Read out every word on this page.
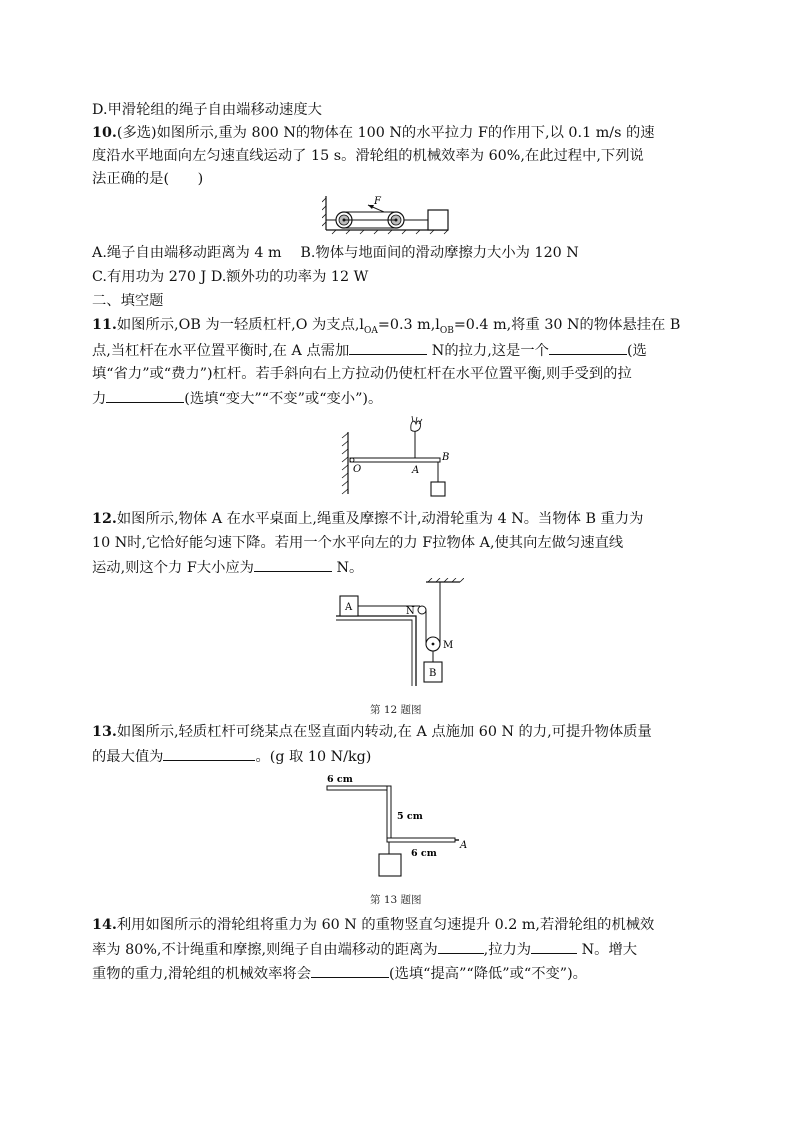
D.甲滑轮组的绳子自由端移动速度大
10.(多选)如图所示,重为 800 N的物体在 100 N的水平拉力 F的作用下,以 0.1 m/s 的速
度沿水平地面向左匀速直线运动了 15 s。滑轮组的机械效率为 60%,在此过程中,下列说
法正确的是(　　)
F
A.绳子自由端移动距离为 4 m　 B.物体与地面间的滑动摩擦力大小为 120 N
C.有用功为 270 J D.额外功的功率为 12 W
二、填空题
11.如图所示,OB 为一轻质杠杆,O 为支点$,l_{OA}=0.3$ $m,l_{OB}=0.4$ m,将重 30 N的物体悬挂在 B
点,当杠杆在水平位置平衡时,在 A 点需加	N的拉力,这是一个	(选
填“省力”或“费力”)杠杆。若手斜向右上方拉动仍使杠杆在水平位置平衡,则手受到的拉
力	(选填“变大”“不变”或“变小”)。
O	A
B
12.如图所示,物体 A 在水平桌面上,绳重及摩擦不计,动滑轮重为 4 N。当物体 B 重力为
10 N时,它恰好能匀速下降。若用一个水平向左的力 F拉物体 A,使其向左做匀速直线
运动,则这个力 F大小应为	N。
A	N
M
B
第 12 题图
13.如图所示,轻质杠杆可绕某点在竖直面内转动,在 A 点施加 60 N 的力,可提升物体质量
的最大值为	。(g 取 10 N/kg)
6 cm
5 cm
6 cm
A
第 13 题图
14.利用如图所示的滑轮组将重力为 60 N 的重物竖直匀速提升 0.2 m,若滑轮组的机械效
率为 80%,不计绳重和摩擦,则绳子自由端移动的距离为	,拉力为	N。增大
重物的重力,滑轮组的机械效率将会	(选填“提高”“降低”或“不变”)。
